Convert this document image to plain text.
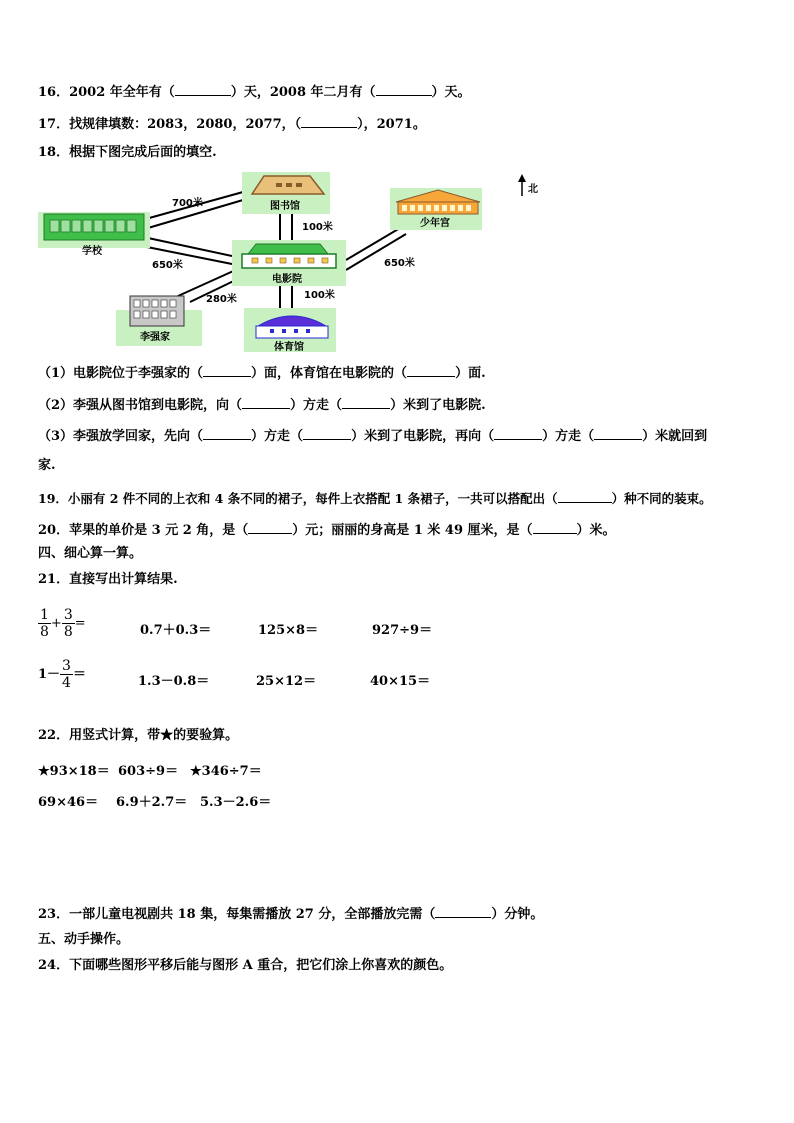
16．2002 年全年有（	）天，2008 年二月有（	）天。
17．找规律填数：2083，2080，2077，（	），2071。
18．根据下图完成后面的填空.
学校
图书馆
少年宫
电影院
李强家
体育馆
700米
100米
650米	650米
280米	100米
北
（1）电影院位于李强家的（	）面，体育馆在电影院的（	）面.
（2）李强从图书馆到电影院，向（	）方走（	）米到了电影院.
（3）李强放学回家，先向（	）方走（	）米到了电影院，再向（	）方走（	）米就回到
家.
19．小丽有 2 件不同的上衣和 4 条不同的裙子，每件上衣搭配 1 条裙子，一共可以搭配出（	）种不同的装束。
20．苹果的单价是 3 元 2 角，是（	）元；丽丽的身高是 1 米 49 厘米，是（	）米。
四、细心算一算。
21．直接写出计算结果.
$\frac{1}{8} + \frac{3}{8}$ =	0.7＋0.3＝	125×8＝	927÷9＝
$1- \frac{3}{4}$ ＝	1.3－0.8＝	25×12＝	40×15＝
22．用竖式计算，带★的要验算。
★93×18＝ 603÷9＝ ★346÷7＝
69×46＝ 6.9＋2.7＝ 5.3－2.6＝
23．一部儿童电视剧共 18 集，每集需播放 27 分，全部播放完需（	）分钟。
五、动手操作。
24．下面哪些图形平移后能与图形 A 重合，把它们涂上你喜欢的颜色。
